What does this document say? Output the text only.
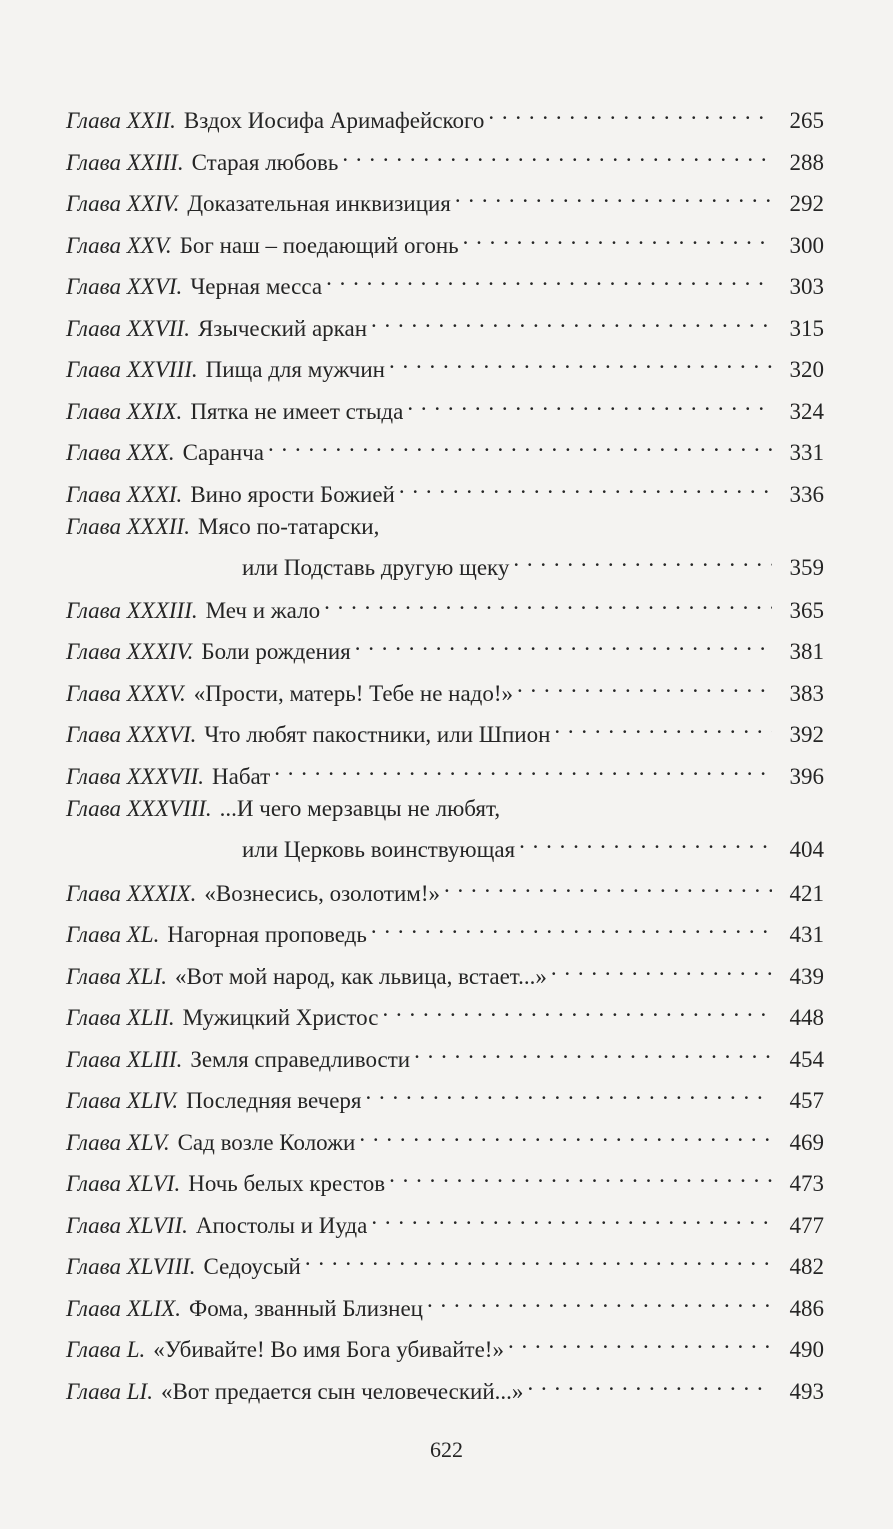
Глава XXII. Вздох Иосифа Аримафейского . . .	265
Глава XXIII. Старая любовь . . .	288
Глава XXIV. Доказательная инквизиция . . .	292
Глава XXV. Бог наш – поедающий огонь . . .	300
Глава XXVI. Черная месса . . .	303
Глава XXVII. Языческий аркан . . .	315
Глава XXVIII. Пища для мужчин . . .	320
Глава XXIX. Пятка не имеет стыда . . .	324
Глава XXX. Саранча . . .	331
Глава XXXI. Вино ярости Божией . . .	336
Глава XXXII. Мясо по-татарски,
или Подставь другую щеку . . .	359
Глава XXXIII. Меч и жало . . .	365
Глава XXXIV. Боли рождения . . .	381
Глава XXXV. «Прости, матерь! Тебе не надо!» . . .	383
Глава XXXVI. Что любят пакостники, или Шпион . . .	392
Глава XXXVII. Набат . . .	396
Глава XXXVIII. ...И чего мерзавцы не любят,
или Церковь воинствующая . . .	404
Глава XXXIX. «Вознесись, озолотим!» . . .	421
Глава XL. Нагорная проповедь . . .	431
Глава XLI. «Вот мой народ, как львица, встает...» . . .	439
Глава XLII. Мужицкий Христос . . .	448
Глава XLIII. Земля справедливости . . .	454
Глава XLIV. Последняя вечеря . . .	457
Глава XLV. Сад возле Коложи . . .	469
Глава XLVI. Ночь белых крестов . . .	473
Глава XLVII. Апостолы и Иуда . . .	477
Глава XLVIII. Седоусый . . .	482
Глава XLIX. Фома, званный Близнец . . .	486
Глава L. «Убивайте! Во имя Бога убивайте!» . . .	490
Глава LI. «Вот предается сын человеческий...» . . .	493
622
